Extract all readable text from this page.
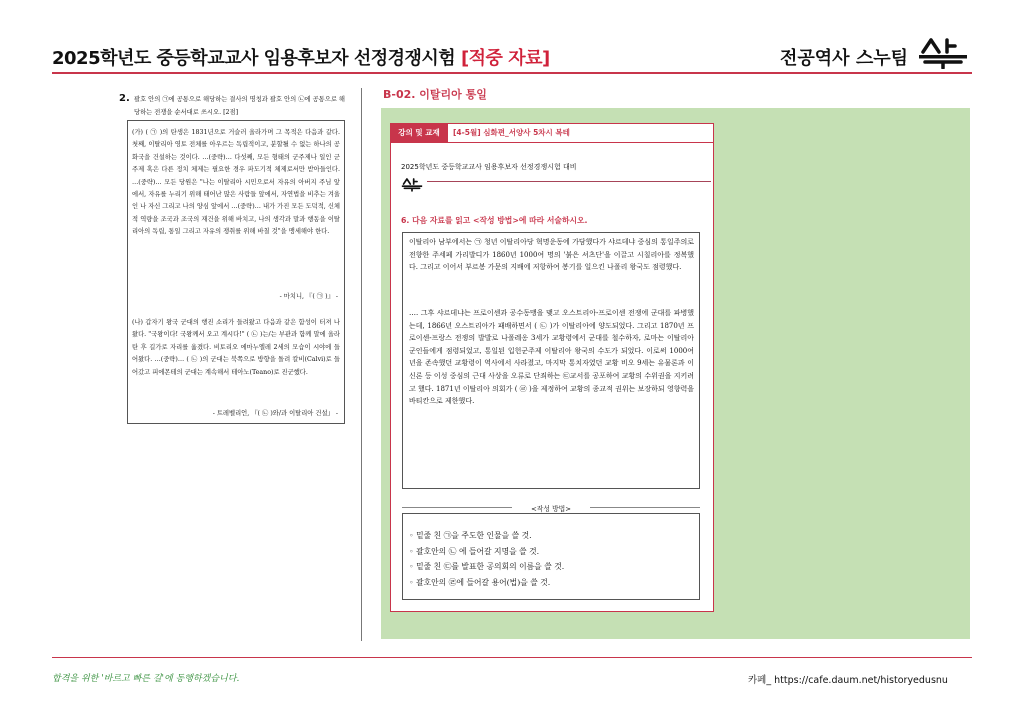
2025학년도 중등학교교사 임용후보자 선정경쟁시험 [적중 자료]	전공역사 스누팀
2. 괄호 안의 ㉠에 공통으로 해당하는 결사의 명칭과 괄호 안의 ㉡에 공통으로 해당하는 전쟁을 순서대로 쓰시오. [2점]
(가) ( ㉠ )의 탄생은 1831년으로 거슬러 올라가며 그 목적은 다음과 같다. 첫째, 이탈리아 영토 전체를 아우르는 독립적이고, 분할될 수 없는 하나의 공화국을 건설하는 것이다. …(중략)… 다섯째, 모든 형태의 군주제나 일인 군주제 혹은 다른 정치 체제는 필요한 경우 파도기적 체제로서만 받아들인다. …(중략)… 모든 당원은 "나는 이탈리아 시민으로서 자유의 아버지 주님 앞에서, 자유를 누리기 위해 태어난 많은 사람들 앞에서, 자연법을 비추는 겨울인 나 자신 그리고 나의 양심 앞에서 …(중략)… 내가 가진 모든 도덕적, 신체적 역량을 조국과 조국의 재건을 위해 바치고, 나의 생각과 말과 행동을 이탈리아의 독립, 통일 그리고 자유의 쟁취를 위해 바칠 것"을 맹세해야 한다.
- 마치니, 『( ㉠ )』 -
(나) 갑자기 왕국 군대의 행진 소리가 들려왔고 다음과 같은 함성이 터져 나왔다. "국왕이다! 국왕께서 오고 계시다!" ( ㉡ )는/는 부관과 함께 말에 올라탄 후 길가로 자리를 옮겼다. 비토리오 에마누엘레 2세의 모습이 시야에 들어왔다. …(중략)… ( ㉡ )의 군대는 북쪽으로 방향을 돌려 칼비(Calvi)로 들어갔고 피에몬테의 군대는 계속해서 테아노(Teano)로 진군했다.
- 트레벨리언, 『( ㉡ )와/과 이탈리아 건설』 -
B-02. 이탈리아 통일
강의 및 교재	[4-5월] 심화편_서양사 5차시 복테
2025학년도 중등학교교사 임용후보자 선정경쟁시험 대비
6. 다음 자료를 읽고 <작성 방법>에 따라 서술하시오.
이탈리아 남부에서는 ㉠ 청년 이탈리아당 혁명운동에 가담했다가 샤르데냐 중심의 통일주의로 전향한 주세페 가리발디가 1860년 1000여 명의 '붉은 셔츠단'을 이끌고 시칠리아를 정복했다. 그리고 이어서 부르봉 가문의 지배에 저항하여 봉기를 일으킨 나폴리 왕국도 점령했다.
…. 그후 샤르데냐는 프로이센과 공수동맹을 맺고 오스트리아-프로이센 전쟁에 군대를 파병했는데, 1866년 오스트리아가 패배하면서 ( ㉡ )가 이탈리아에 양도되었다. 그리고 1870년 프로이센-프랑스 전쟁의 발발로 나폴레옹 3세가 교황령에서 군대를 철수하자, 로마는 이탈리아 군인들에게 점령되었고, 통일된 입헌군주제 이탈리아 왕국의 수도가 되었다. 이로써 1000여 년을 존속했던 교황령이 역사에서 사라졌고, 마지막 통치자였던 교황 비오 9세는 유물론과 이신론 등 이성 중심의 근대 사상을 오류로 단죄하는 ㉢교서를 공포하여 교황의 수위권을 지키려고 했다. 1871년 이탈리아 의회가 ( ㉣ )을 제정하여 교황의 종교적 권위는 보장하되 영향력을 바티칸으로 제한했다.
<작성 방법>
◦ 밑줄 친 ㉠을 주도한 인물을 쓸 것.
◦ 괄호안의 ㉡ 에 들어갈 지명을 쓸 것.
◦ 밑줄 친 ㉢를 발표한 공의회의 이름을 쓸 것.
◦ 괄호안의 ㉣에 들어갈 용어(법)을 쓸 것.
합격을 위한 '바르고 빠른 길'에 동행하겠습니다.	카페_ https://cafe.daum.net/historyedusnu
